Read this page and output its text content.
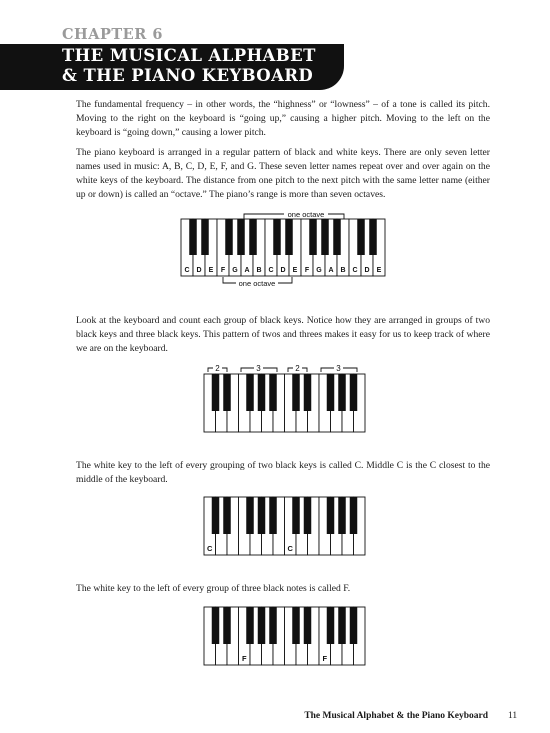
CHAPTER 6
THE MUSICAL ALPHABET
& THE PIANO KEYBOARD

The fundamental frequency – in other words, the “highness” or “lowness” – of a tone is called its pitch. Moving to the right on the keyboard is “going up,” causing a higher pitch. Moving to the left on the keyboard is “going down,” causing a lower pitch.

The piano keyboard is arranged in a regular pattern of black and white keys. There are only seven letter names used in music: A, B, C, D, E, F, and G. These seven letter names repeat over and over again on the white keys of the keyboard. The distance from one pitch to the next pitch with the same letter name (either up or down) is called an “octave.” The piano’s range is more than seven octaves.

one octave
one octave
C D E F G A B C D E F G A B C D E

Look at the keyboard and count each group of black keys. Notice how they are arranged in groups of two black keys and three black keys. This pattern of twos and threes makes it easy for us to keep track of where we are on the keyboard.

2	3	2	3

The white key to the left of every grouping of two black keys is called C. Middle C is the C closest to the middle of the keyboard.

C	C

The white key to the left of every group of three black notes is called F.

F	F
The Musical Alphabet & the Piano Keyboard 11
